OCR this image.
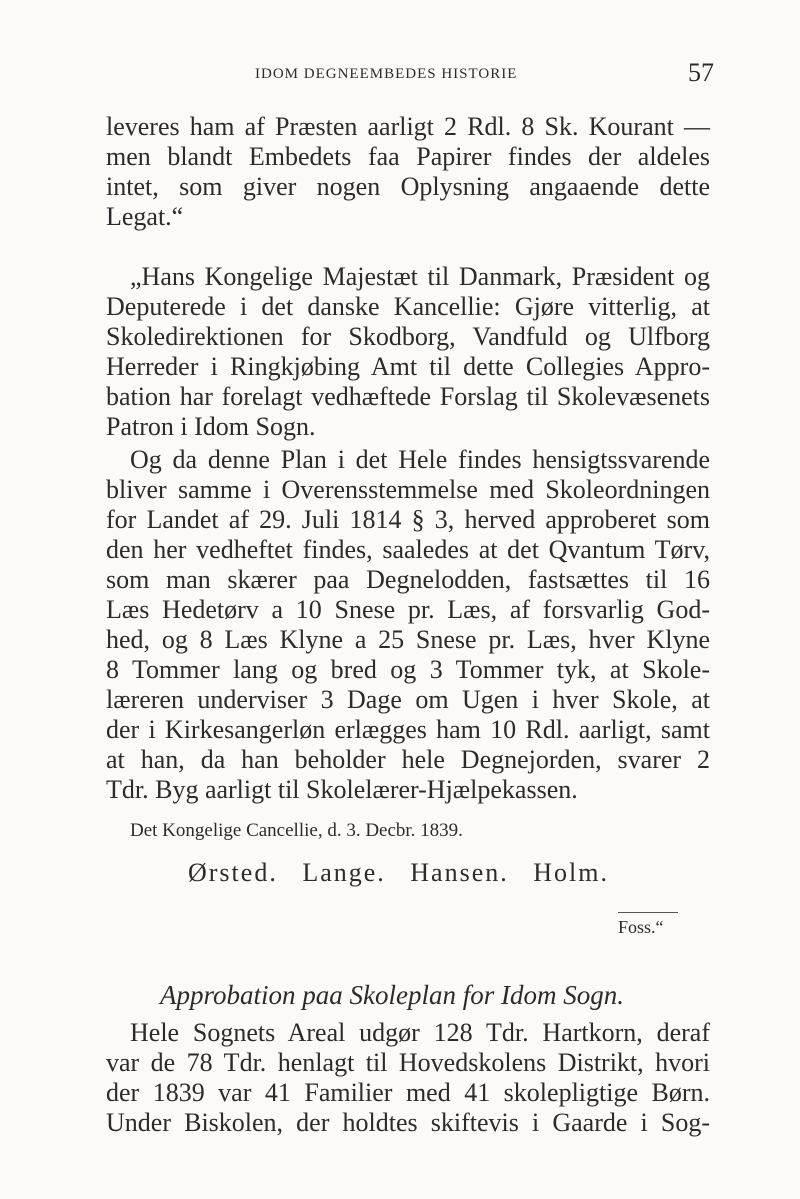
IDOM DEGNEEMBEDES HISTORIE	57
leveres ham af Præsten aarligt 2 Rdl. 8 Sk. Kourant —
men blandt Embedets faa Papirer findes der aldeles
intet, som giver nogen Oplysning angaaende dette
Legat.“
„Hans Kongelige Majestæt til Danmark, Præsident og
Deputerede i det danske Kancellie: Gjøre vitterlig, at
Skoledirektionen for Skodborg, Vandfuld og Ulfborg
Herreder i Ringkjøbing Amt til dette Collegies Appro-
bation har forelagt vedhæftede Forslag til Skolevæsenets
Patron i Idom Sogn.
Og da denne Plan i det Hele findes hensigtssvarende
bliver samme i Overensstemmelse med Skoleordningen
for Landet af 29. Juli 1814 § 3, herved approberet som
den her vedheftet findes, saaledes at det Qvantum Tørv,
som man skærer paa Degnelodden, fastsættes til 16
Læs Hedetørv a 10 Snese pr. Læs, af forsvarlig God-
hed, og 8 Læs Klyne a 25 Snese pr. Læs, hver Klyne
8 Tommer lang og bred og 3 Tommer tyk, at Skole-
læreren underviser 3 Dage om Ugen i hver Skole, at
der i Kirkesangerløn erlægges ham 10 Rdl. aarligt, samt
at han, da han beholder hele Degnejorden, svarer 2
Tdr. Byg aarligt til Skolelærer-Hjælpekassen.
Det Kongelige Cancellie, d. 3. Decbr. 1839.
Ørsted. Lange. Hansen. Holm.
Foss.“
Approbation paa Skoleplan for Idom Sogn.
Hele Sognets Areal udgør 128 Tdr. Hartkorn, deraf
var de 78 Tdr. henlagt til Hovedskolens Distrikt, hvori
der 1839 var 41 Familier med 41 skolepligtige Børn.
Under Biskolen, der holdtes skiftevis i Gaarde i Sog-
